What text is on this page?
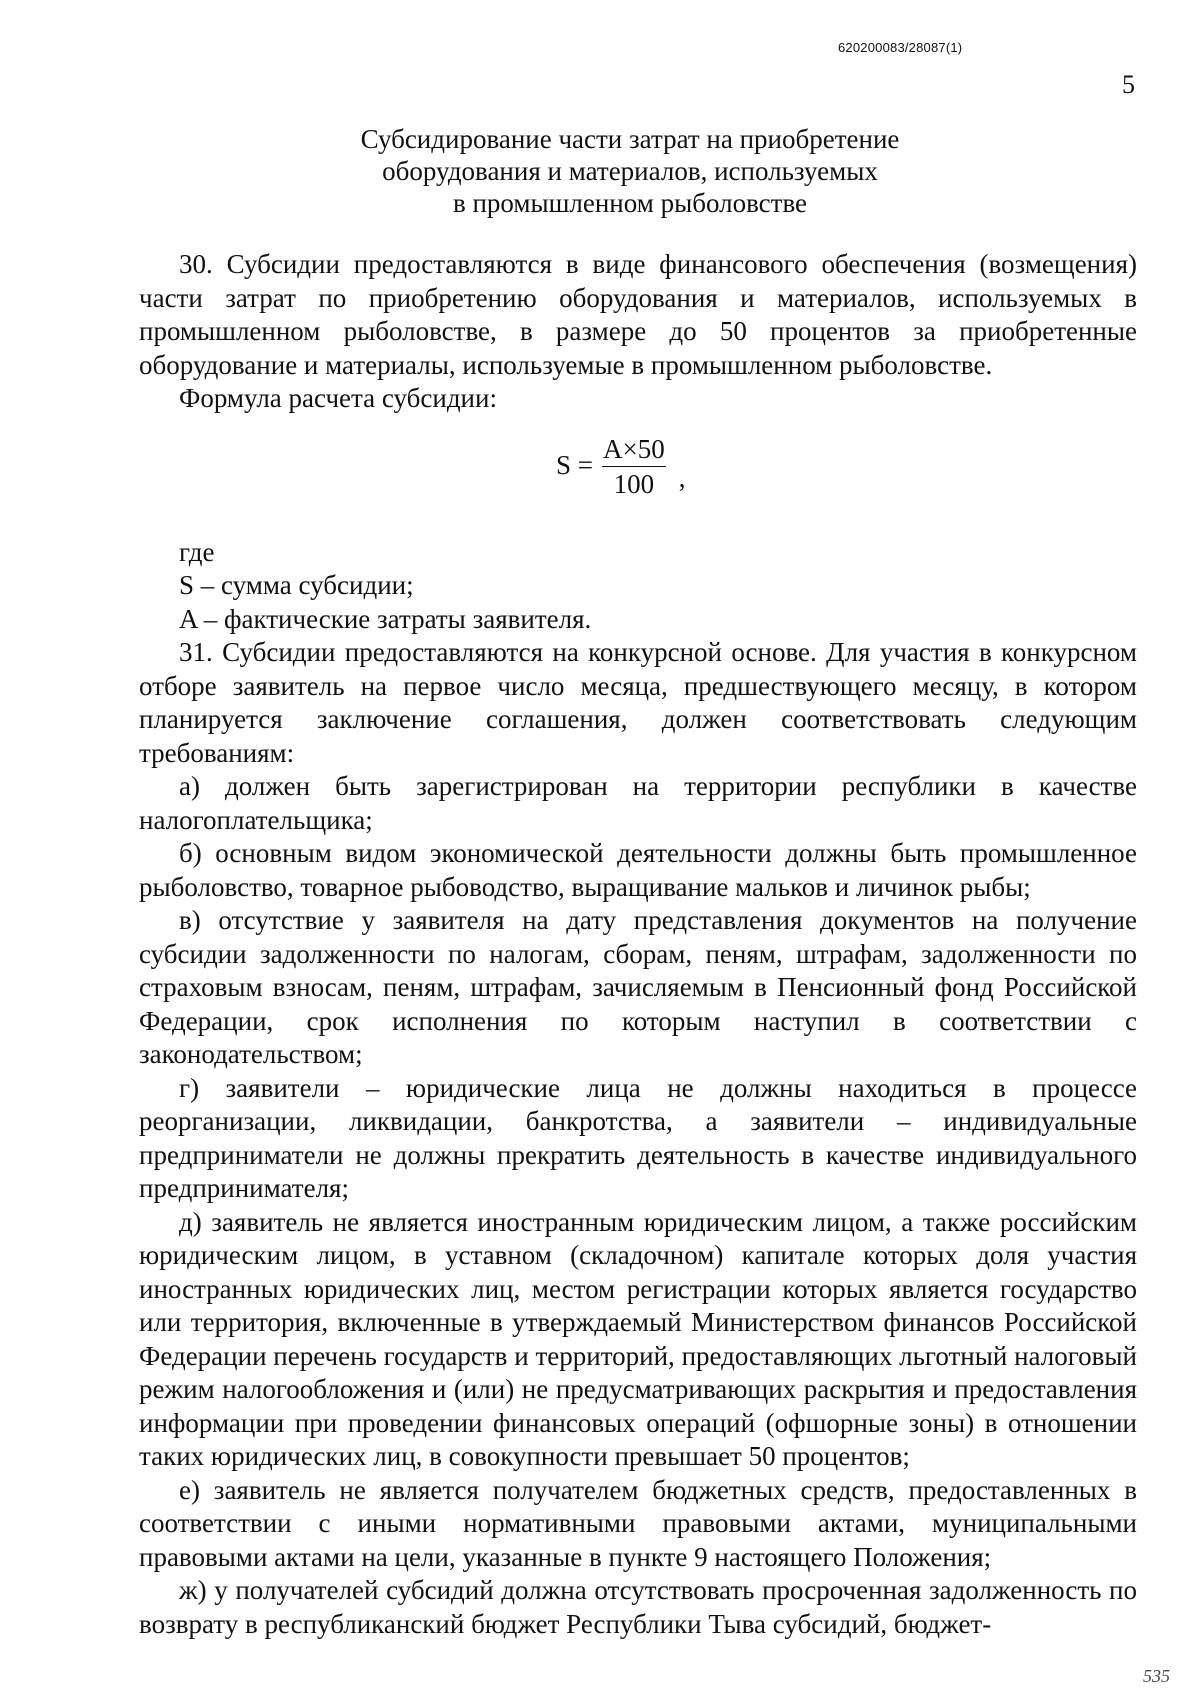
620200083/28087(1)
5
Субсидирование части затрат на приобретение
оборудования и материалов, используемых
в промышленном рыболовстве

30. Субсидии предоставляются в виде финансового обеспечения (возмещения) части затрат по приобретению оборудования и материалов, используемых в промышленном рыболовстве, в размере до 50 процентов за приобретенные оборудование и материалы, используемые в промышленном рыболовстве.

Формула расчета субсидии:

$S = \frac{A\times 50}{100}$ ,

где

S – сумма субсидии;

A – фактические затраты заявителя.

31. Субсидии предоставляются на конкурсной основе. Для участия в конкурсном отборе заявитель на первое число месяца, предшествующего месяцу, в котором планируется заключение соглашения, должен соответствовать следующим требованиям:

а) должен быть зарегистрирован на территории республики в качестве налогоплательщика;

б) основным видом экономической деятельности должны быть промышленное рыболовство, товарное рыбоводство, выращивание мальков и личинок рыбы;

в) отсутствие у заявителя на дату представления документов на получение субсидии задолженности по налогам, сборам, пеням, штрафам, задолженности по страховым взносам, пеням, штрафам, зачисляемым в Пенсионный фонд Российской Федерации, срок исполнения по которым наступил в соответствии с законодательством;

г) заявители – юридические лица не должны находиться в процессе реорганизации, ликвидации, банкротства, а заявители – индивидуальные предприниматели не должны прекратить деятельность в качестве индивидуального предпринимателя;

д) заявитель не является иностранным юридическим лицом, а также российским юридическим лицом, в уставном (складочном) капитале которых доля участия иностранных юридических лиц, местом регистрации которых является государство или территория, включенные в утверждаемый Министерством финансов Российской Федерации перечень государств и территорий, предоставляющих льготный налоговый режим налогообложения и (или) не предусматривающих раскрытия и предоставления информации при проведении финансовых операций (офшорные зоны) в отношении таких юридических лиц, в совокупности превышает 50 процентов;

е) заявитель не является получателем бюджетных средств, предоставленных в соответствии с иными нормативными правовыми актами, муниципальными правовыми актами на цели, указанные в пункте 9 настоящего Положения;

ж) у получателей субсидий должна отсутствовать просроченная задолженность по возврату в республиканский бюджет Республики Тыва субсидий, бюджет-

535
